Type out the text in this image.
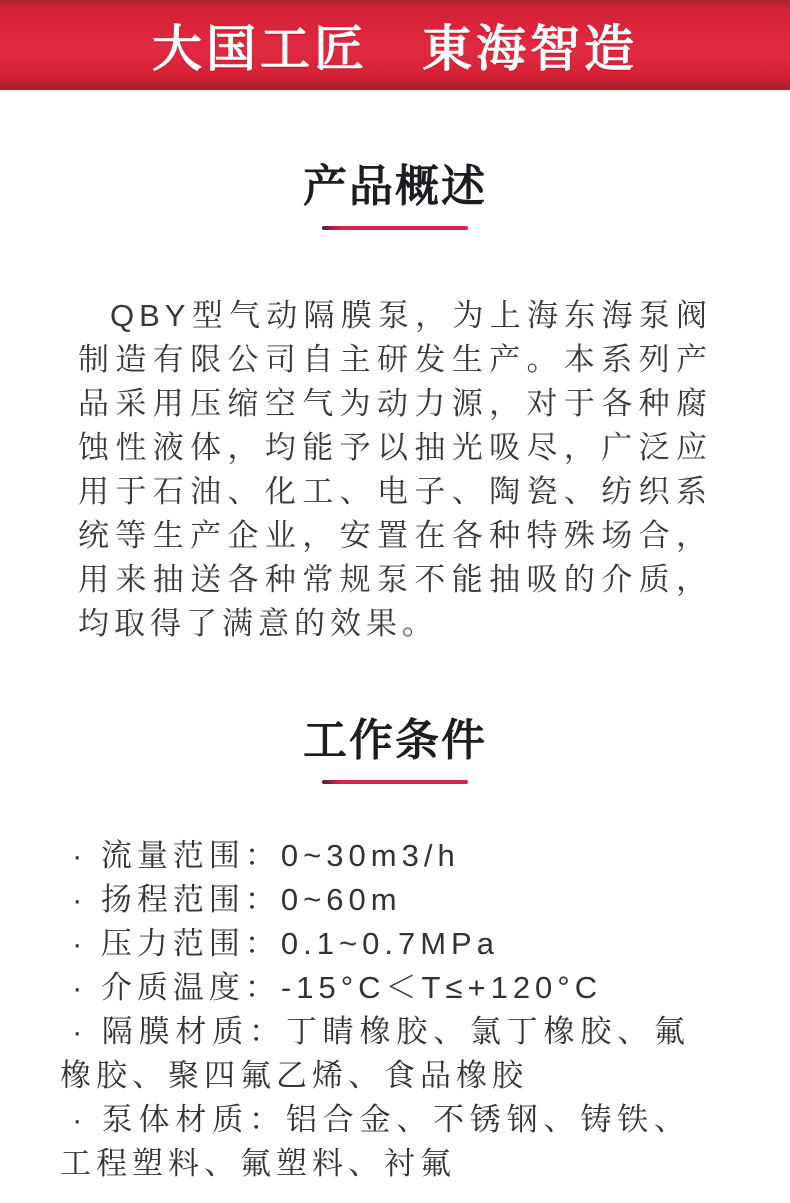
大国工匠　東海智造
产品概述

QBY型气动隔膜泵，为上海东海泵阀制造有限公司自主研发生产。本系列产品采用压缩空气为动力源，对于各种腐蚀性液体，均能予以抽光吸尽，广泛应用于石油、化工、电子、陶瓷、纺织系统等生产企业，安置在各种特殊场合，用来抽送各种常规泵不能抽吸的介质，均取得了满意的效果。

工作条件
· 流量范围：0~30m3/h
· 扬程范围：0~60m
· 压力范围：0.1~0.7MPa
· 介质温度：-15°C＜T≤+120°C
· 隔膜材质：丁睛橡胶、氯丁橡胶、氟橡胶、聚四氟乙烯、食品橡胶
· 泵体材质：铝合金、不锈钢、铸铁、工程塑料、氟塑料、衬氟
